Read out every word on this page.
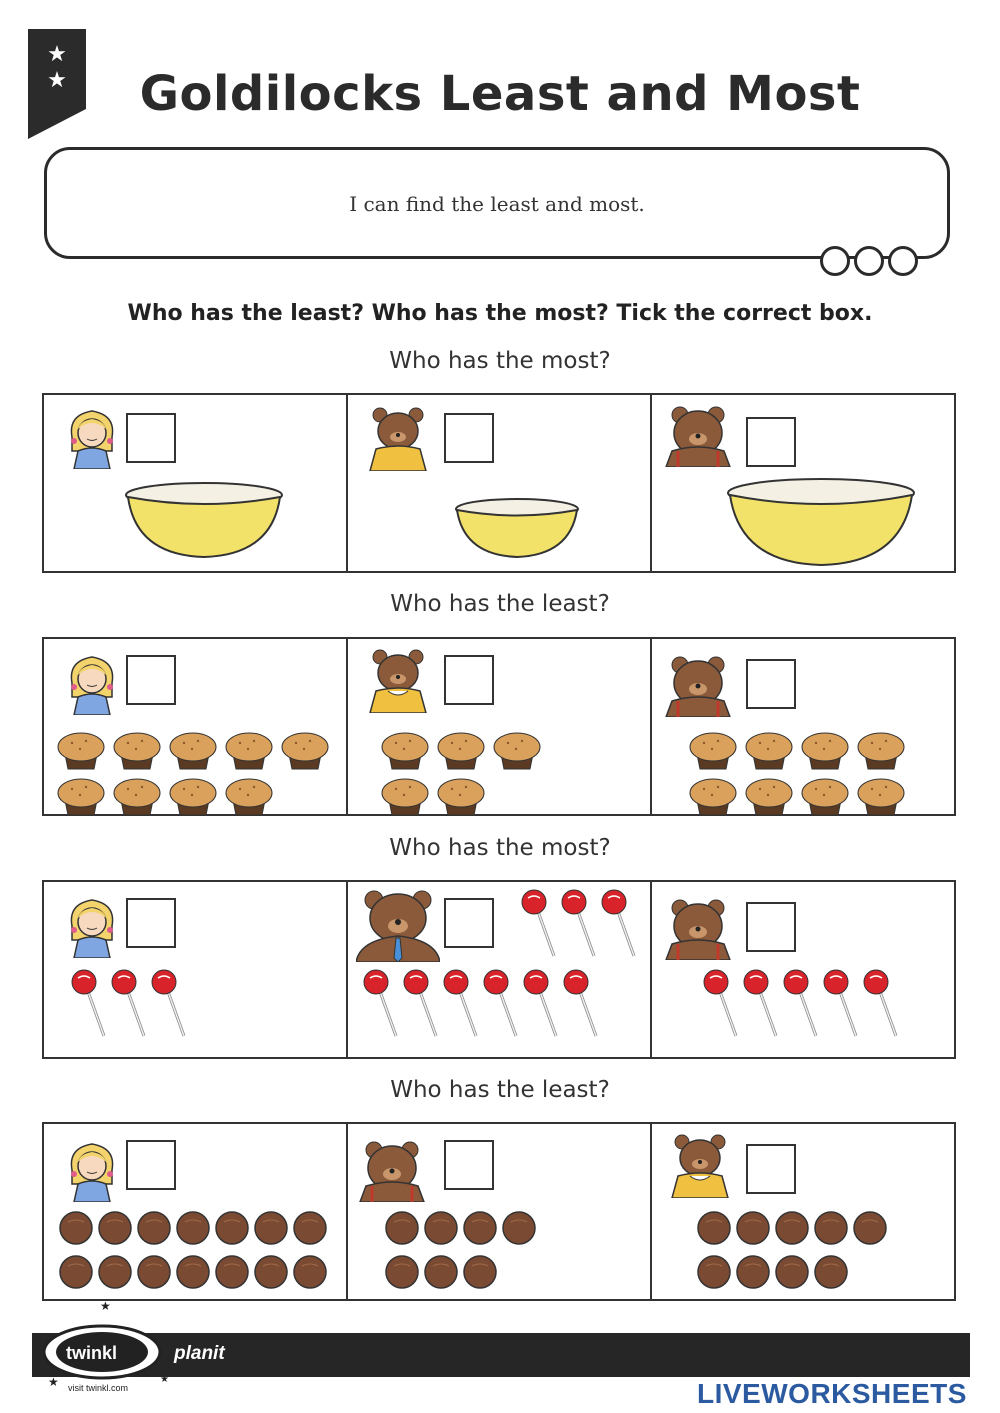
★
★	Goldilocks Least and Most
I can find the least and most.
Who has the least? Who has the most? Tick the correct box.
Who has the most?
Who has the least?
Who has the most?
Who has the least?
★
★	★
twinkl	planit
visit twinkl.com
Maths I Year 1 I Number and Place Value I Goldilocks Least and Most
LIVEWORKSHEETS
